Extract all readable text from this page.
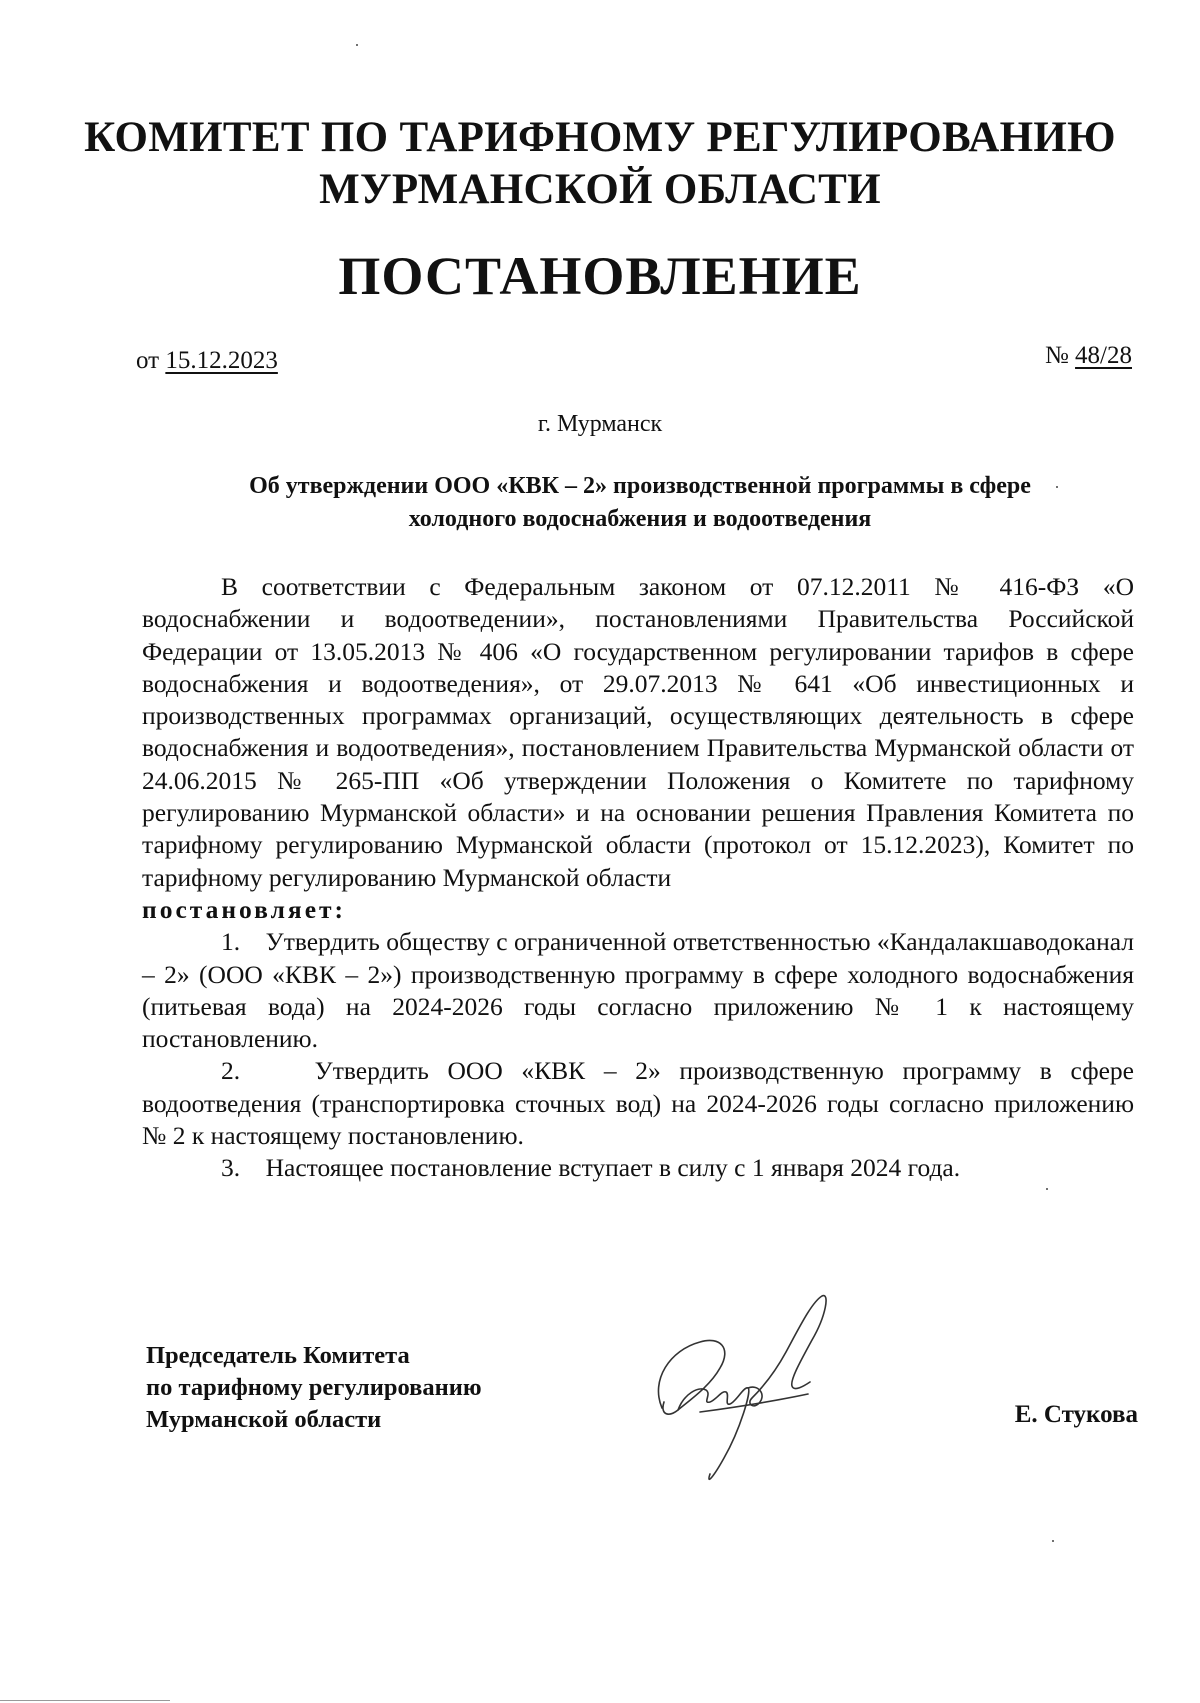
КОМИТЕТ ПО ТАРИФНОМУ РЕГУЛИРОВАНИЮ
МУРМАНСКОЙ ОБЛАСТИ
ПОСТАНОВЛЕНИЕ
от 15.12.2023	№ 48/28
г. Мурманск
Об утверждении ООО «КВК – 2» производственной программы в сфере
холодного водоснабжения и водоотведения

В соответствии с Федеральным законом от 07.12.2011 № 416-ФЗ «О водоснабжении и водоотведении», постановлениями Правительства Российской Федерации от 13.05.2013 № 406 «О государственном регулировании тарифов в сфере водоснабжения и водоотведения», от 29.07.2013 № 641 «Об инвестиционных и производственных программах организаций, осуществляющих деятельность в сфере водоснабжения и водоотведения», постановлением Правительства Мурманской области от 24.06.2015 № 265-ПП «Об утверждении Положения о Комитете по тарифному регулированию Мурманской области» и на основании решения Правления Комитета по тарифному регулированию Мурманской области (протокол от 15.12.2023), Комитет по тарифному регулированию Мурманской области

постановляет:

1. Утвердить обществу с ограниченной ответственностью «Кандалакшаводоканал – 2» (ООО «КВК – 2») производственную программу в сфере холодного водоснабжения (питьевая вода) на 2024-2026 годы согласно приложению № 1 к настоящему постановлению.

2.	Утвердить ООО «КВК – 2» производственную программу в сфере водоотведения (транспортировка сточных вод) на 2024-2026 годы согласно приложению № 2 к настоящему постановлению.

3. Настоящее постановление вступает в силу с 1 января 2024 года.

Председатель Комитета
по тарифному регулированию
Мурманской области	Е. Стукова
